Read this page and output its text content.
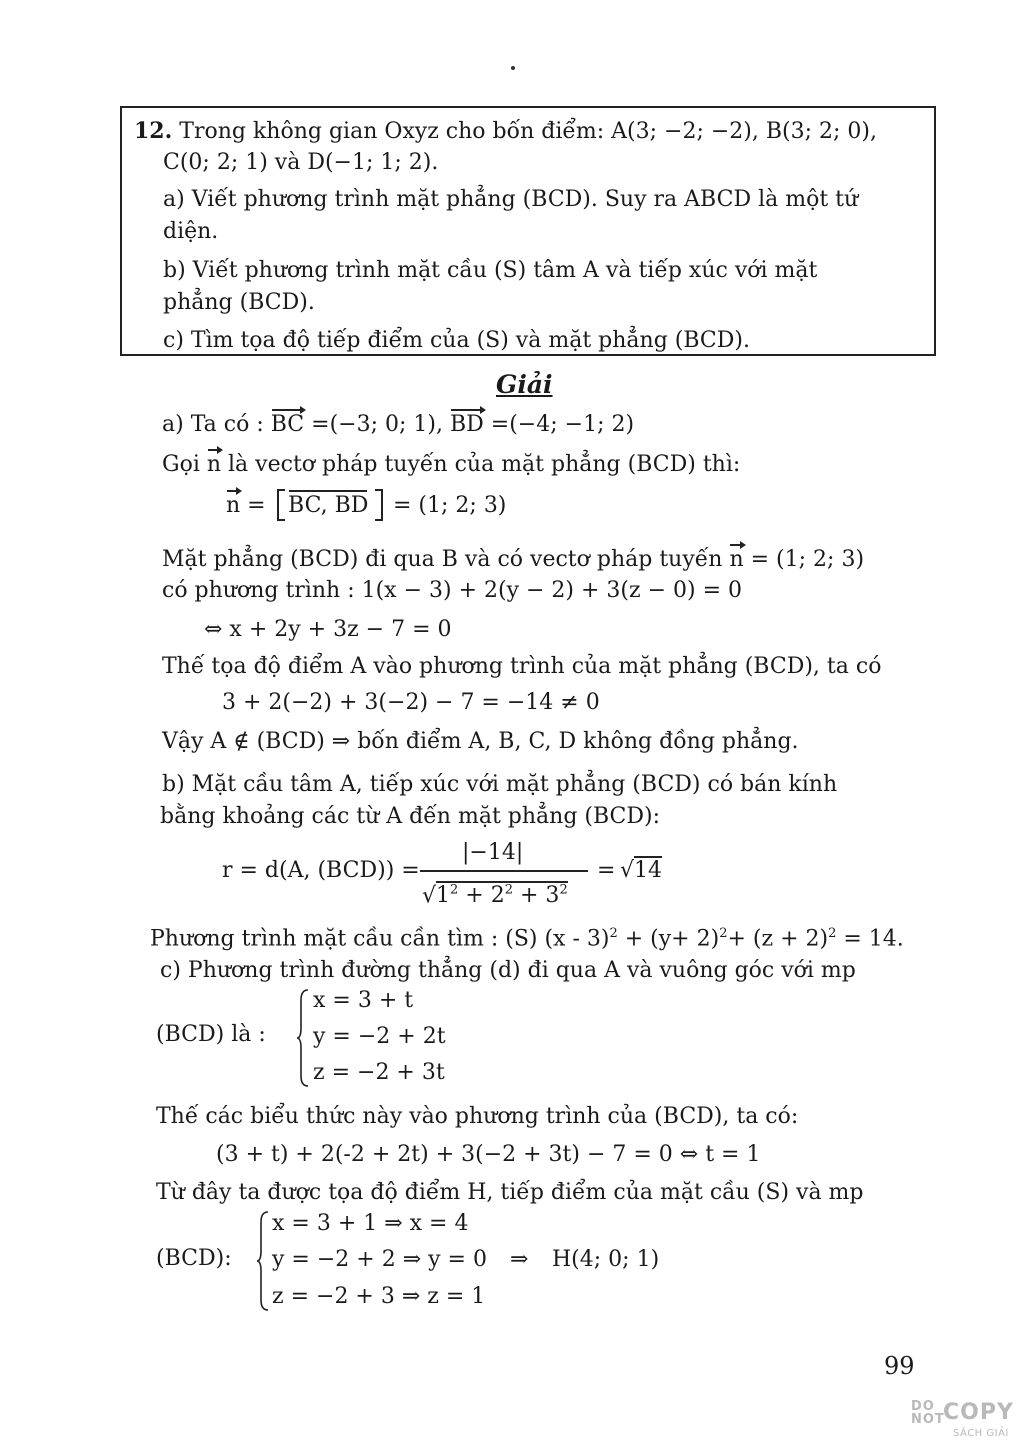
12. Trong không gian Oxyz cho bốn điểm: A(3; −2; −2), B(3; 2; 0),
C(0; 2; 1) và D(−1; 1; 2).
a) Viết phương trình mặt phẳng (BCD). Suy ra ABCD là một tứ
diện.
b) Viết phương trình mặt cầu (S) tâm A và tiếp xúc với mặt
phẳng (BCD).
c) Tìm tọa độ tiếp điểm của (S) và mặt phẳng (BCD).
Giải
a) Ta có : BC =(−3; 0; 1), BD =(−4; −1; 2)
Gọi n là vectơ pháp tuyến của mặt phẳng (BCD) thì:
n = BC, BD = (1; 2; 3)
Mặt phẳng (BCD) đi qua B và có vectơ pháp tuyến n = (1; 2; 3)
có phương trình : 1(x − 3) + 2(y − 2) + 3(z − 0) = 0
⇔ x + 2y + 3z − 7 = 0
Thế tọa độ điểm A vào phương trình của mặt phẳng (BCD), ta có
3 + 2(−2) + 3(−2) − 7 = −14 ≠ 0
Vậy A ∉ (BCD) ⇒ bốn điểm A, B, C, D không đồng phẳng.
b) Mặt cầu tâm A, tiếp xúc với mặt phẳng (BCD) có bán kính
bằng khoảng các từ A đến mặt phẳng (BCD):
r = d(A, (BCD)) =
|−14|
$√1^2 + 2^2 + 3^2$
= √14
Phương trình mặt cầu cần tìm : (S) $(x - 3)^2 + (y+ 2)^2+ (z + 2)^2 = 14$.
c) Phương trình đường thẳng (d) đi qua A và vuông góc với mp
(BCD) là :
x = 3 + t
y = −2 + 2t
z = −2 + 3t
Thế các biểu thức này vào phương trình của (BCD), ta có:
(3 + t) + 2(-2 + 2t) + 3(−2 + 3t) − 7 = 0 ⇔ t = 1
Từ đây ta được tọa độ điểm H, tiếp điểm của mặt cầu (S) và mp
(BCD):
x = 3 + 1 ⇒ x = 4
y = −2 + 2 ⇒ y = 0
z = −2 + 3 ⇒ z = 1
⇒ H(4; 0; 1)
99
DO
NOT
COPY
SÁCH GIẢI
